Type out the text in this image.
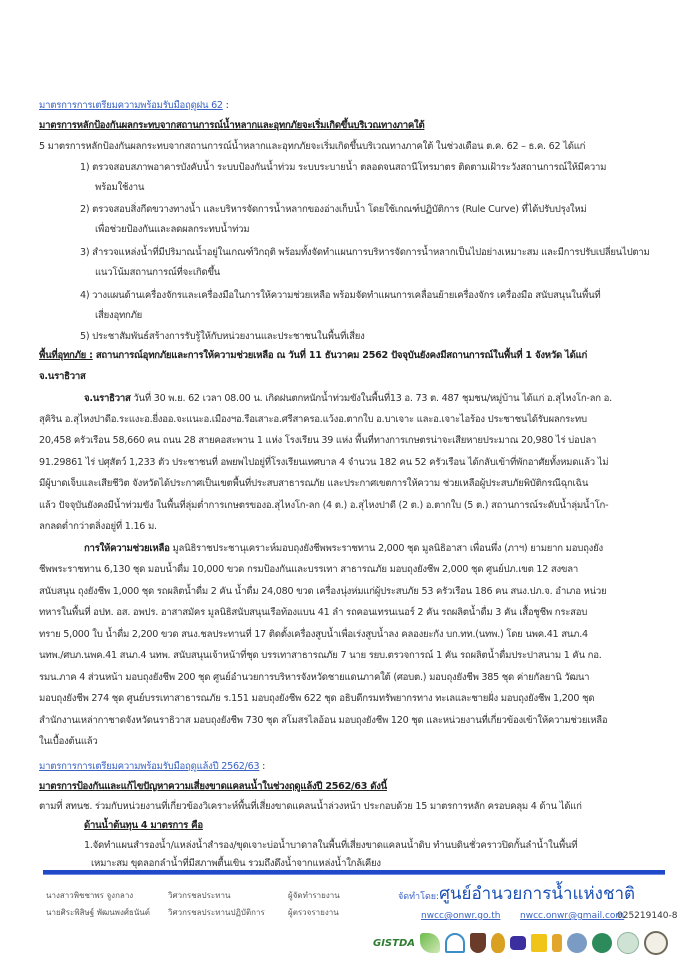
มาตรการการเตรียมความพร้อมรับมือฤดูฝน 62 :
มาตรการหลักป้องกันผลกระทบจากสถานการณ์น้ำหลากและอุทกภัยจะเริ่มเกิดขึ้นบริเวณทางภาคใต้
5 มาตรการหลักป้องกันผลกระทบจากสถานการณ์น้ำหลากและอุทกภัยจะเริ่มเกิดขึ้นบริเวณทางภาคใต้ ในช่วงเดือน ต.ค. 62 – ธ.ค. 62 ได้แก่
1) ตรวจสอบสภาพอาคารบังคับน้ำ ระบบป้องกันน้ำท่วม ระบบระบายน้ำ ตลอดจนสถานีโทรมาตร ติดตามเฝ้าระวังสถานการณ์ให้มีความ
พร้อมใช้งาน
2) ตรวจสอบสิ่งกีดขวางทางน้ำ และบริหารจัดการน้ำหลากของอ่างเก็บน้ำ โดยใช้เกณฑ์ปฏิบัติการ (Rule Curve) ที่ได้ปรับปรุงใหม่
เพื่อช่วยป้องกันและลดผลกระทบน้ำท่วม
3) สำรวจแหล่งน้ำที่มีปริมาณน้ำอยู่ในเกณฑ์วิกฤติ พร้อมทั้งจัดทำแผนการบริหารจัดการน้ำหลากเป็นไปอย่างเหมาะสม และมีการปรับเปลี่ยนไปตาม
แนวโน้มสถานการณ์ที่จะเกิดขึ้น
4) วางแผนด้านเครื่องจักรและเครื่องมือในการให้ความช่วยเหลือ พร้อมจัดทำแผนการเคลื่อนย้ายเครื่องจักร เครื่องมือ สนับสนุนในพื้นที่
เสี่ยงอุทกภัย
5) ประชาสัมพันธ์สร้างการรับรู้ให้กับหน่วยงานและประชาชนในพื้นที่เสี่ยง
พื้นที่อุทกภัย : สถานการณ์อุทกภัยและการให้ความช่วยเหลือ ณ วันที่ 11 ธันวาคม 2562 ปัจจุบันยังคงมีสถานการณ์ในพื้นที่ 1 จังหวัด ได้แก่
จ.นราธิวาส
จ.นราธิวาส วันที่ 30 พ.ย. 62 เวลา 08.00 น. เกิดฝนตกหนักน้ำท่วมขังในพื้นที่13 อ. 73 ต. 487 ชุมชน/หมู่บ้าน ได้แก่ อ.สุไหงโก-ลก อ.
สุคิริน อ.สุไหงปาดีอ.ระแงะอ.ยี่งออ.จะแนะอ.เมืองฯอ.รือเสาะอ.ศรีสาครอ.แว้งอ.ตากใบ อ.บาเจาะ และอ.เจาะไอร้อง ประชาชนได้รับผลกระทบ
20,458 ครัวเรือน 58,660 คน ถนน 28 สายคอสะพาน 1 แห่ง โรงเรียน 39 แห่ง พื้นที่ทางการเกษตรน่าจะเสียหายประมาณ 20,980 ไร่ บ่อปลา
91.29861 ไร่ ปศุสัตว์ 1,233 ตัว ประชาชนที่ อพยพไปอยู่ที่โรงเรียนเทศบาล 4 จำนวน 182 คน 52 ครัวเรือน ได้กลับเข้าที่พักอาศัยทั้งหมดแล้ว ไม่
มีผู้บาดเจ็บและเสียชีวิต จังหวัดได้ประกาศเป็นเขตพื้นที่ประสบสาธารณภัย และประกาศเขตการให้ความ ช่วยเหลือผู้ประสบภัยพิบัติกรณีฉุกเฉิน
แล้ว ปัจจุบันยังคงมีน้ำท่วมขัง ในพื้นที่ลุ่มต่ำการเกษตรของอ.สุไหงโก-ลก (4 ต.) อ.สุไหงปาดี (2 ต.) อ.ตากใบ (5 ต.) สถานการณ์ระดับน้ำลุ่มน้ำโก-
ลกลดต่ำกว่าตลิ่งอยู่ที่ 1.16 ม.
การให้ความช่วยเหลือ มูลนิธิราชประชานุเคราะห์มอบถุงยังชีพพระราชทาน 2,000 ชุด มูลนิธิอาสา เพื่อนพึ่ง (ภาฯ) ยามยาก มอบถุงยัง
ชีพพระราชทาน 6,130 ชุด มอบน้ำดื่ม 10,000 ขวด กรมป้องกันและบรรเทา สาธารณภัย มอบถุงยังชีพ 2,000 ชุด ศูนย์ปภ.เขต 12 สงขลา
สนับสนุน ถุงยังชีพ 1,000 ชุด รถผลิตน้ำดื่ม 2 คัน น้ำดื่ม 24,080 ขวด เครื่องนุ่งห่มแก่ผู้ประสบภัย 53 ครัวเรือน 186 คน สนง.ปภ.จ. อำเภอ หน่วย
ทหารในพื้นที่ อปท. อส. อพปร. อาสาสมัคร มูลนิธิสนับสนุนเรือท้องแบน 41 ลำ รถคอนเทรนเนอร์ 2 คัน รถผลิตน้ำดื่ม 3 คัน เสื้อชูชีพ กระสอบ
ทราย 5,000 ใบ น้ำดื่ม 2,200 ขวด สนง.ชลประทานที่ 17 ติดตั้งเครื่องสูบน้ำเพื่อเร่งสูบน้ำลง คลองยะกัง บก.ทท.(นทพ.) โดย นพค.41 สนภ.4
นทพ./ศบภ.นพค.41 สนภ.4 นทพ. สนับสนุนเจ้าหน้าที่ชุด บรรเทาสาธารณภัย 7 นาย รยบ.ตรวจการณ์ 1 คัน รถผลิตน้ำดื่มประปาสนาม 1 คัน กอ.
รมน.ภาค 4 ส่วนหน้า มอบถุงยังชีพ 200 ชุด ศูนย์อำนวยการบริหารจังหวัดชายแดนภาคใต้ (ศอบต.) มอบถุงยังชีพ 385 ชุด ค่ายกัลยานิ วัฒนา
มอบถุงยังชีพ 274 ชุด ศูนย์บรรเทาสาธารณภัย ร.151 มอบถุงยังชีพ 622 ชุด อธิบดีกรมทรัพยากรทาง ทะเลและชายฝั่ง มอบถุงยังชีพ 1,200 ชุด
สำนักงานเหล่ากาชาดจังหวัดนราธิวาส มอบถุงยังชีพ 730 ชุด สโมสรไลอ้อน มอบถุงยังชีพ 120 ชุด และหน่วยงานที่เกี่ยวข้องเข้าให้ความช่วยเหลือ
ในเบื้องต้นแล้ว
มาตรการการเตรียมความพร้อมรับมือฤดูแล้งปี 2562/63 :
มาตรการป้องกันและแก้ไขปัญหาความเสี่ยงขาดแคลนน้ำในช่วงฤดูแล้งปี 2562/63 ดังนี้
ตามที่ สทนช. ร่วมกับหน่วยงานที่เกี่ยวข้องวิเคราะห์พื้นที่เสี่ยงขาดแคลนน้ำล่วงหน้า ประกอบด้วย 15 มาตรการหลัก ครอบคลุม 4 ด้าน ได้แก่
ด้านน้ำต้นทุน 4 มาตรการ คือ
1.จัดทำแผนสำรองน้ำ/แหล่งน้ำสำรอง/ขุดเจาะบ่อน้ำบาดาลในพื้นที่เสี่ยงขาดแคลนน้ำดิบ ทำนบดินชั่วคราวปิดกั้นลำน้ำในพื้นที่
เหมาะสม ขุดลอกลำน้ำที่มีสภาพตื้นเขิน รวมถึงดึงน้ำจากแหล่งน้ำใกล้เคียง
นางสาวพิชชาพร จูงกลาง	วิศวกรชลประทาน	ผู้จัดทำรายงาน
นายศิระพิสิษฐ์ พัฒนพงศ์ธนันต์ วิศวกรชลประทานปฏิบัติการ	ผู้ตรวจรายงาน
จัดทำโดย:ศูนย์อำนวยการน้ำแห่งชาติ
nwcc@onwr.go.th nwcc.onwr@gmail.com
025219140-8
GISTDA
